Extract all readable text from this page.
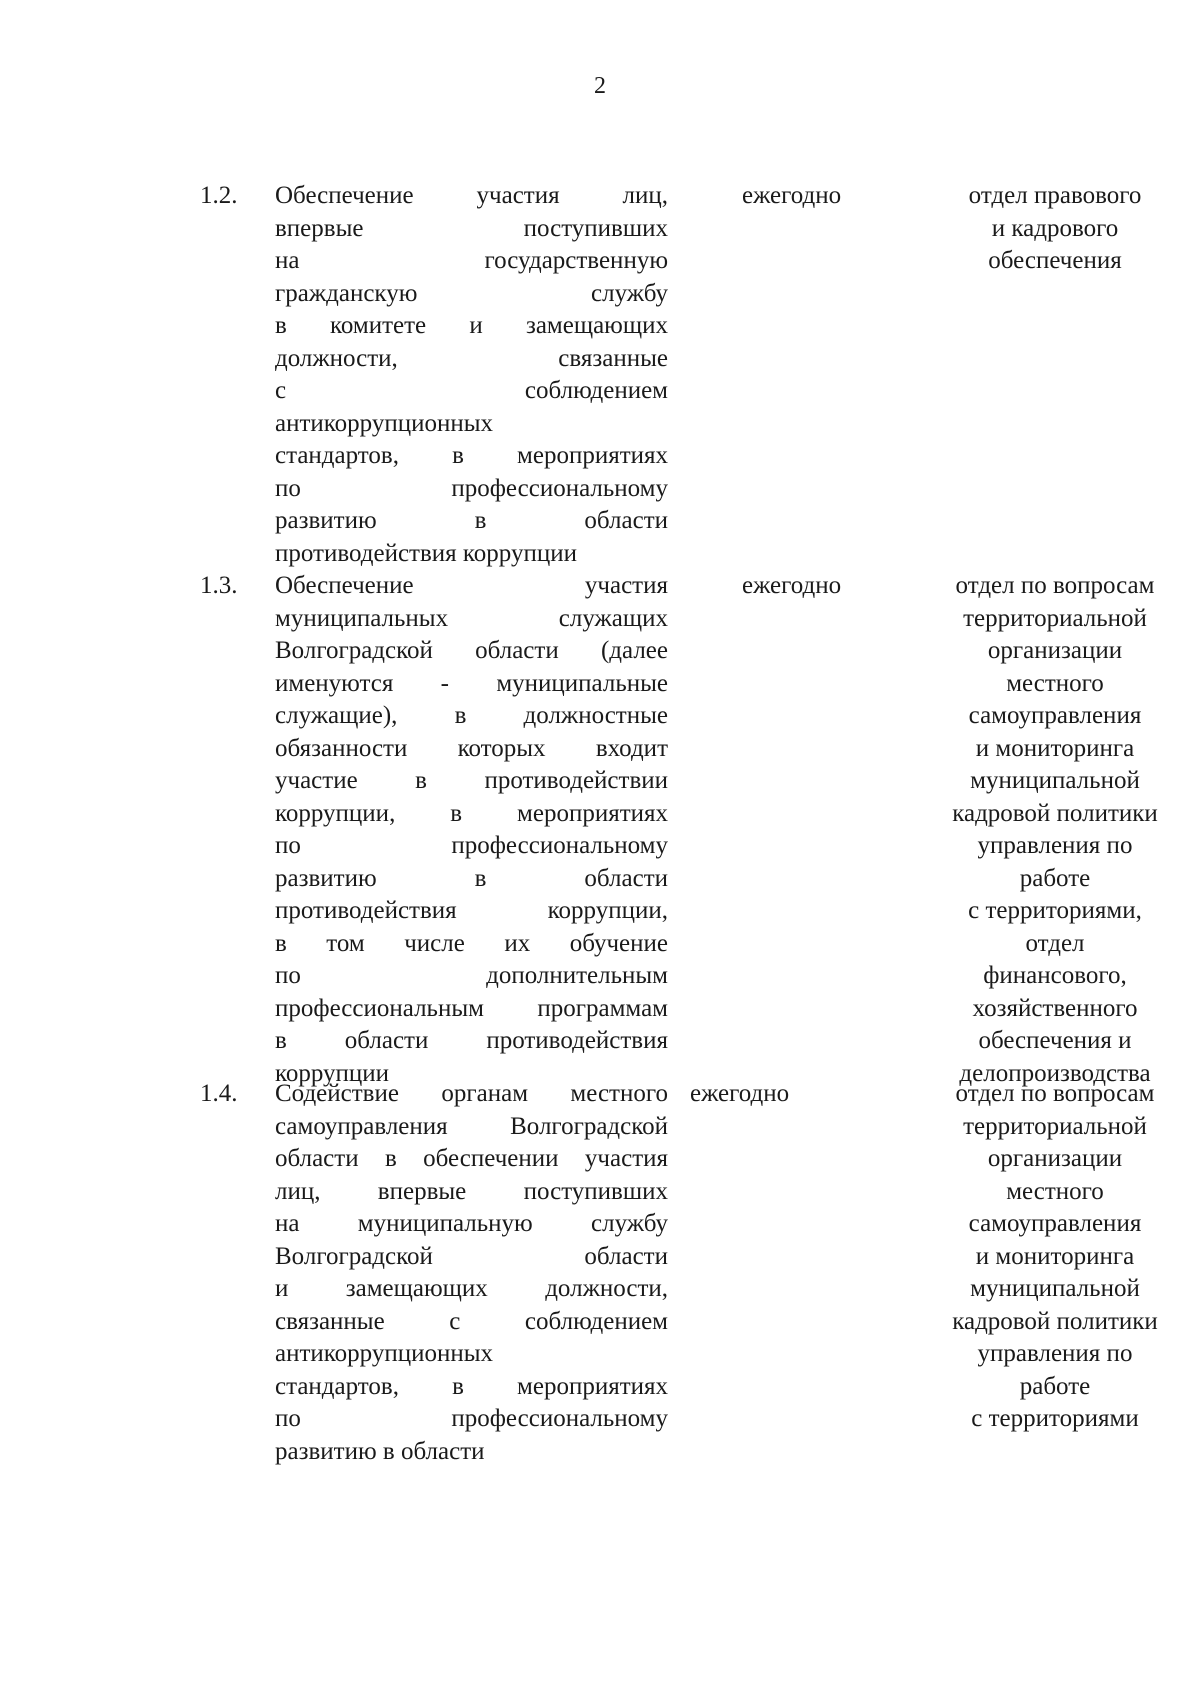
2
1.2. Обеспечение участия лиц,
впервые поступивших
на государственную
гражданскую службу
в комитете и замещающих
должности, связанные
с соблюдением
антикоррупционных
стандартов, в мероприятиях
по профессиональному
развитию в области
противодействия коррупции
ежегодно	отдел правового
и кадрового
обеспечения
1.3. Обеспечение участия
муниципальных служащих
Волгоградской области (далее
именуются - муниципальные
служащие), в должностные
обязанности которых входит
участие в противодействии
коррупции, в мероприятиях
по профессиональному
развитию в области
противодействия коррупции,
в том числе их обучение
по дополнительным
профессиональным программам
в области противодействия
коррупции
ежегодно	отдел по вопросам
территориальной
организации
местного
самоуправления
и мониторинга
муниципальной
кадровой политики
управления по
работе
с территориями,
отдел
финансового,
хозяйственного
обеспечения и
делопроизводства
1.4. Содействие органам местного
самоуправления Волгоградской
области в обеспечении участия
лиц, впервые поступивших
на муниципальную службу
Волгоградской области
и замещающих должности,
связанные с соблюдением
антикоррупционных
стандартов, в мероприятиях
по профессиональному
развитию в области
ежегодно	отдел по вопросам
территориальной
организации
местного
самоуправления
и мониторинга
муниципальной
кадровой политики
управления по
работе
с территориями
